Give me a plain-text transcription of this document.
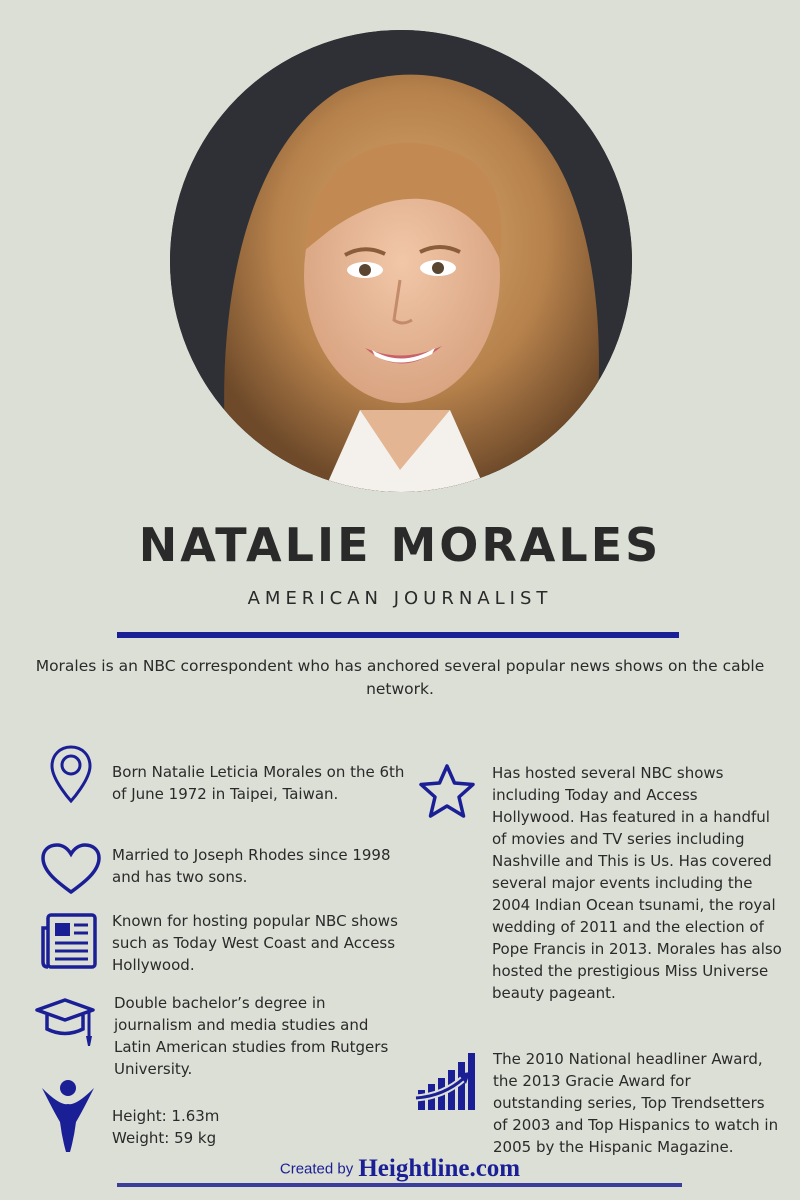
NATALIE MORALES
AMERICAN JOURNALIST
Morales is an NBC correspondent who has anchored several popular news shows on the cable network.
Born Natalie Leticia Morales on the 6th of June 1972 in Taipei, Taiwan.
Married to Joseph Rhodes since 1998 and has two sons.
Known for hosting popular NBC shows such as Today West Coast and Access Hollywood.
Double bachelor’s degree in journalism and media studies and Latin American studies from Rutgers University.
Height: 1.63m
Weight: 59 kg
Has hosted several NBC shows including Today and Access Hollywood. Has featured in a handful of movies and TV series including Nashville and This is Us. Has covered several major events including the 2004 Indian Ocean tsunami, the royal wedding of 2011 and the election of Pope Francis in 2013. Morales has also hosted the prestigious Miss Universe beauty pageant.
The 2010 National headliner Award, the 2013 Gracie Award for outstanding series, Top Trendsetters of 2003 and Top Hispanics to watch in 2005 by the Hispanic Magazine.
Created by Heightline.com
